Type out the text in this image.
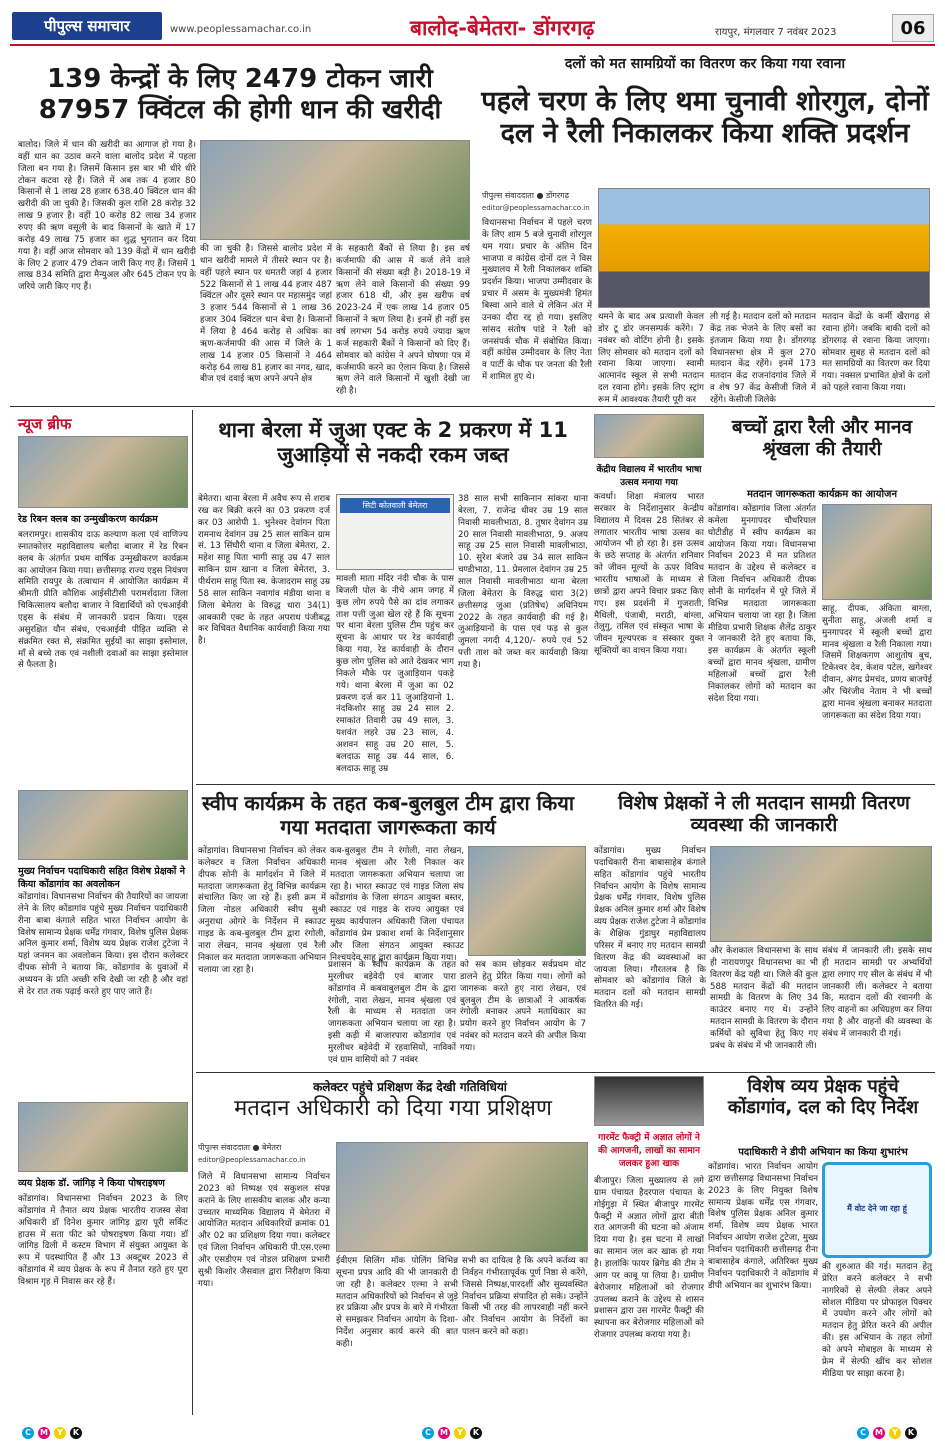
पीपुल्स समाचार	www.peoplessamachar.co.in	बालोद-बेमेतरा- डोंगरगढ़	रायपुर, मंगलवार 7 नवंबर 2023	06
139 केन्द्रों के लिए 2479 टोकन जारी 87957 क्विंटल की होगी धान की खरीदी
बालोद। जिले में धान की खरीदी का आगाज हो गया है। वहीं धान का उठाव करने वाला बालोद प्रदेश में पहला जिला बन गया है। जिसमें किसान इस बार भी धीरे धीरे टोकन कटवा रहे हैं। जिले में अब तक 4 हजार 80 किसानों से 1 लाख 28 हजार 638.40 क्विंटल धान की खरीदी की जा चुकी है। जिसकी कुल राशि 28 करोड़ 32 लाख 9 हजार है। वहीं 10 करोड़ 82 लाख 34 हजार रुपए की ऋण वसूली के बाद किसानों के खाते में 17 करोड़ 49 लाख 75 हजार का शुद्ध भुगतान कर दिया गया है। वहीं आज सोमवार को 139 केंद्रों में धान खरीदी के लिए 2 हजार 479 टोकन जारी किए गए हैं। जिसमें 1 लाख 834 समिति द्वारा मैन्युअल और 645 टोकन एप के जरिये जारी किए गए हैं।
की जा चुकी है। जिससे बालोद प्रदेश में धान खरीदी मामले में तीसरे स्थान पर है। वहीं पहले स्थान पर धमतरी जहां 4 हजार 522 किसानों से 1 लाख 44 हजार 487 क्विंटल और दूसरे स्थान पर महासमुंद जहां 3 हजार 544 किसानों से 1 लाख 36 हजार 304 क्विंटल धान बेचा है। किसानों में लिया है 464 करोड़ से अधिक का ऋण-कर्जमाफी की आस में जिले के 1 लाख 14 हजार 05 किसानों ने 464 करोड़ 64 लाख 81 हजार का नगद, खाद, बीज एवं दवाई ऋण अपने अपने क्षेत्र
के सहकारी बैंकों से लिया है। इस वर्ष कर्जमाफी की आस में कर्ज लेने वाले किसानों की संख्या बढ़ी है। 2018-19 में ऋण लेने वाले किसानों की संख्या 99 हजार 618 थी, और इस खरीफ वर्ष 2023-24 में एक लाख 14 हजार 05 किसानों ने ऋण लिया है। इनमें ही नहीं इस वर्ष लगभग 54 करोड़ रुपये ज्यादा ऋण कर्ज सहकारी बैंकों ने किसानों को दिए हैं। सोमवार को कांग्रेस ने अपने घोषणा पत्र में कर्जमाफी करने का ऐलान किया है। जिससे ऋण लेने वाले किसानों में खुशी देखी जा रही है।
दलों को मत सामग्रियों का वितरण कर किया गया रवाना
पहले चरण के लिए थमा चुनावी शोरगुल, दोनों दल ने रैली निकालकर किया शक्ति प्रदर्शन
पीपुल्स संवाददाता ● डोंगरगढ़
editor@peoplessamachar.co.in
विधानसभा निर्वाचन में पहले चरण के लिए शाम 5 बजे चुनावी शोरगुल थम गया। प्रचार के अंतिम दिन भाजपा व कांग्रेस दोनों दल ने विस मुख्यालय में रैली निकालकर शक्ति प्रदर्शन किया। भाजपा उम्मीदवार के प्रचार में असम के मुख्यमंत्री हिमंत बिस्वा आने वाले थे लेकिन अंत में उनका दौरा रद्द हो गया। इसलिए सांसद संतोष पांडे ने रैली को जनसंपर्क चौक में संबोधित किया। वहीं कांग्रेस उम्मीदवार के लिए नेता व पार्टी के चौक पर जनता की रैली में शामिल हुए थे।
थमने के बाद अब प्रत्याशी केवल डोर टू डोर जनसम्पर्क करेंगे। 7 नवंबर को वोटिंग होनी है। इसके लिए सोमवार को मतदान दलों को रवाना किया जाएगा। स्वामी आत्मानंद स्कूल से सभी मतदान दल रवाना होंगे। इसके लिए स्ट्रांग रूम में आवश्यक तैयारी पूरी कर
ली गई है। मतदान दलों को मतदान केंद्र तक भेजने के लिए बसों का इंतजाम किया गया है। डोंगरगढ़ विधानसभा क्षेत्र में कुल 270 मतदान केंद्र रहेंगे। इनमें 173 मतदान केंद्र राजनांदगांव जिले में व शेष 97 केंद्र केसीजी जिले में रहेंगे। केसीजी जिलेके
मतदान केंद्रों के कर्मी खैरागढ़ से रवाना होंगे। जबकि बाकी दलों को डोंगरगढ़ से रवाना किया जाएगा। सोमवार सुबह से मतदान दलों को मत सामग्रियों का वितरण कर दिया गया। नक्सल प्रभावित क्षेत्रों के दलों को पहले रवाना किया गया।
न्यूज ब्रीफ
रेड रिबन क्लब का उन्मुखीकरण कार्यक्रम
बलरामपुर। शासकीय दाऊ कल्याण कला एवं वाणिज्य स्नातकोत्तर महाविद्यालय बलौदा बाजार में रेड रिबन क्लब के अंतर्गत प्रथम वार्षिक उन्मुखीकरण कार्यक्रम का आयोजन किया गया। छत्तीसगढ़ राज्य एड्स नियंत्रण समिति रायपुर के तत्वाधान में आयोजित कार्यक्रम में श्रीमती प्रीति कौशिक आईसीटीसी परामर्शदाता जिला चिकित्सालय बलौदा बाजार ने विद्यार्थियों को एचआईवी एड्स के संबंध में जानकारी प्रदान किया। एड्स असुरक्षित यौन संबंध, एचआईवी पीड़ित व्यक्ति से संक्रमित रक्त से, संक्रमित सुईयों का साझा इस्तेमाल, माँ से बच्चे तक एवं नशीली दवाओं का साझा इस्तेमाल से फैलता है।
मुख्य निर्वाचन पदाधिकारी सहित विशेष प्रेक्षकों ने किया कोंडागांव का अवलोकन
कोंडागांव। विधानसभा निर्वाचन की तैयारियों का जायजा लेने के लिए कोंडागांव पहुंचे मुख्य निर्वाचन पदाधिकारी रीना बाबा कंगाले सहित भारत निर्वाचन आयोग के विशेष सामान्य प्रेक्षक धर्मेंद्र गंगवार, विशेष पुलिस प्रेक्षक अनिल कुमार शर्मा, विशेष व्यय प्रेक्षक राजेश टुटेजा ने यहां जनमन का अवलोकन किया। इस दौरान कलेक्टर दीपक सोनी ने बताया कि, कोंडागांव के युवाओं में अध्ययन के प्रति अच्छी रुचि देखी जा रही है और वहां से देर रात तक पढ़ाई करते हुए पाए जाते हैं।
व्यय प्रेक्षक डॉ. जांगिड़ ने किया पोषराइषण
कोंडागांव। विधानसभा निर्वाचन 2023 के लिए कोंडागांव में तैनात व्यय प्रेक्षक भारतीय राजस्व सेवा अधिकारी डॉ दिनेश कुमार जांगिड़ द्वारा पूरी सर्किट हाउस में सता फीट को पोषराइषण किया गया। डॉ जांगिड़ ढिली में कस्टम विभाग में संयुक्त आयुक्त के रूप में पदस्थापित हैं और 13 अक्टूबर 2023 से कोंडागांव में व्यय प्रेक्षक के रूप में तैनात रहते हुए पूरा विश्राम गृह में निवास कर रहे हैं।
थाना बेरला में जुआ एक्ट के 2 प्रकरण में 11 जुआड़ियों से नकदी रकम जब्त
बेमेतरा। थाना बेरला में अवैध रूप से शराब रख कर बिक्री करने का 03 प्रकरण दर्ज कर 03 आरोपी 1. भुनेश्वर देवांगन पिता रामनाथ देवांगन उम्र 25 साल साकिन ग्राम सं. 13 सिंघौरी थाना व जिला बेमेतरा, 2. महेश साहू पिता भागी साहू उम्र 47 साल साकिन ग्राम खाना व जिला बेमेतरा, 3. पीर्थराम साहू पिता स्व. केजादराम साहू उम्र 58 साल साकिन नवागांव मंडीया थाना व जिला बेमेतरा के विरुद्ध धारा 34(1) आबकारी एक्ट के तहत अपराध पंजीबद्ध कर विधिवत वैधानिक कार्यवाही किया गया है।
सिटी कोतवाली बेमेतरा
मावली माता मंदिर नंदी चौक के पास बिजली पोल के नीचे आम जगह में कुछ लोग रुपये पैसे का दांव लगाकर ताश पत्ती जुआ खेल रहे हैं कि सूचना पर थाना बेरला पुलिस टीम पहुंच कर सूचना के आधार पर रेड कार्यवाही किया गया, रेड कार्यवाही के दौरान कुछ लोग पुलिस को आते देखकर भाग निकले मौके पर जुआड़ियान पकड़े गये। थाना बेरला में जुआ का 02 प्रकरण दर्ज कर 11 जुआड़ियानो 1. नंदकिशोर साहू उम्र 24 साल 2. रमाकांत तिवारी उम्र 49 साल, 3. यशवंत लहरे उम्र 23 साल, 4. अशवन साहू उम्र 20 साल, 5. बलदाऊ साहू उम्र 44 साल, 6. बलदाऊ साहू उम्र
38 साल सभी साकिनान सांकरा थाना बेरला, 7. राजेन्द्र धीवर उम्र 19 साल निवासी मावलीभाठा, 8. तुषार देवांगन उम्र 20 साल निवासी मावलीभाठा, 9. अजय साहू उम्र 25 साल निवासी मावलीभाठा, 10. सुरेश बंजारे उम्र 34 साल साकिन चण्डीभाठा, 11. प्रेमलाल देवांगन उम्र 25 साल निवासी मावलीभाठा थाना बेरला जिला बेमेतरा के विरुद्ध धारा 3(2) छत्तीसगढ़ जुआ (प्रतिषेध) अधिनियम 2022 के तहत कार्यवाही की गई है। जुआड़ियानों के पास एवं फड़ से कुल जुमला नगदी 4,120/- रुपये एवं 52 पत्ती ताश को जब्त कर कार्यवाही किया गया है।
केंद्रीय विद्यालय में भारतीय भाषा उत्सव मनाया गया
कवर्धा। शिक्षा मंत्रालय भारत सरकार के निर्देशानुसार केन्द्रीय विद्यालय में दिवस 28 सितंबर से लगातार भारतीय भाषा उत्सव का आयोजन भी हो रहा है। इस उत्सव के छठे सप्ताह के अंतर्गत शनिवार को जीवन मूल्यों के ऊपर विविध भारतीय भाषाओं के माध्यम से छात्रों द्वारा अपने विचार प्रकट किए गए। इस प्रदर्शनी में गुजराती, मैथिली, पंजाबी, मराठी, बांग्ला, तेलुगु, तमिल एवं संस्कृत भाषा के जीवन मूल्यपरक व संस्कार युक्त सूक्तियों का वाचन किया गया।
बच्चों द्वारा रैली और मानव श्रृंखला की तैयारी
मतदान जागरूकता कार्यक्रम का आयोजन
कोंडागांव। कोंडागांव जिला अंतर्गत कमेला मुनगापदर चौधरियाल घोटीडीह में स्वीप कार्यक्रम का आयोजन किया गया। विधानसभा निर्वाचन 2023 में मत प्रतिशत मतदान के उद्देश्य से कलेक्टर व जिला निर्वाचन अधिकारी दीपक सोनी के मार्गदर्शन में पूरे जिले में विभिन्न मतदाता जागरूकता अभियान चलाया जा रहा है। जिला मीडिया प्रभारी शिक्षक शैलेंद्र ठाकुर ने जानकारी देते हुए बताया कि, इस कार्यक्रम के अंतर्गत स्कूली बच्चों द्वारा मानव श्रृंखला, ग्रामीण महिलाओं बच्चों द्वारा रैली निकालकर लोगों को मतदान का संदेश दिया गया।
साहू, दीपक, अंकिता बाग्ला, सुनीता साहू, अंजली शर्मा व मुनगापदर में स्कूली बच्चों द्वारा मानव श्रृंखला व रैली निकाला गया। जिसमें शिक्षकगण आशुतोष बुच, टिकेश्वर देव, केशव पटेल, खगेश्वर दीवान, अंगद प्रेमचंद, प्रणय बाजपेई और चिरंजीव नेताम ने भी बच्चों द्वारा मानव श्रृंखला बनाकर मतदाता जागरूकता का संदेश दिया गया।
स्वीप कार्यक्रम के तहत कब-बुलबुल टीम द्वारा किया गया मतदाता जागरूकता कार्य
कोंडागांव। विधानसभा निर्वाचन को लेकर कलेक्टर व जिला निर्वाचन अधिकारी दीपक सोनी के मार्गदर्शन में जिले में मतदाता जागरूकता हेतु विभिन्न कार्यक्रम संचालित किए जा रहे हैं। इसी क्रम में जिला नोडल अधिकारी स्वीप सुश्री अनुराधा ओगरे के निर्देशन में स्काउट गाइड के कब-बुलबुल टीम द्वारा रंगोली, नारा लेखन, मानव श्रृंखला एवं रैली निकाल कर मतदाता जागरूकता अभियान चलाया जा रहा है।
कब-बुलबुल टीम ने रंगोली, नारा लेखन, मानव श्रृंखला और रैली निकाल कर मतदाता जागरूकता अभियान चलाया जा रहा है। भारत स्काउट एवं गाइड जिला संघ कोंडागांव के जिला संगठन आयुक्त बस्तर, स्काउट एवं गाइड के राज्य आयुक्त एवं मुख्य कार्यपालन अधिकारी जिला पंचायत कोंडागांव प्रेम प्रकाश शर्मा के निर्देशानुसार और जिला संगठन आयुक्त स्काउट निश्चयदेव साहू द्वारा कार्यक्रम किया गया।
प्रशासन के स्वीप कार्यक्रम के तहत मुरलीधर बड़ेवेदी एवं बाजार पारा कोंडागांव में कबवाबुलबुल टीम के द्वारा रंगोली, नारा लेखन, मानव श्रृंखला एवं रैली के माध्यम से मतदाता जन जागरूकता अभियान चलाया जा रहा है। इसी कड़ी में बाजारपारा कोंडागांव एवं मुरलीधर बड़ेवेदी में रहवासियों, नाविकों एवं ग्राम वासियों को 7 नवंबर
को सब काम छोड़कर सर्वप्रथम वोट डालने हेतु प्रेरित किया गया। लोगों को जागरूक करते हुए नारा लेखन, एवं बुलबुल टीम के छात्राओं ने आकर्षक रंगोली बनाकर अपने मताधिकार का प्रयोग करने हुए निर्वाचन आयोग के 7 नवंबर को मतदान करने की अपील किया गया।
विशेष प्रेक्षकों ने ली मतदान सामग्री वितरण व्यवस्था की जानकारी
कोंडागांव। मुख्य निर्वाचन पदाधिकारी रीना बाबासाहेब कंगाले सहित कोंडागांव पहुंचे भारतीय निर्वाचन आयोग के विशेष सामान्य प्रेक्षक धर्मेंद्र गंगवार, विशेष पुलिस प्रेक्षक अनिल कुमार शर्मा और विशेष व्यय प्रेक्षक राजेश टुटेजा ने कोंडागांव के शैक्षिक गुंडाघुर महाविद्यालय परिसर में बनाए गए मतदान सामग्री वितरण केंद्र की व्यवस्थाओं का जायजा लिया। गौरतलब है कि सोमवार को कोंडागांव जिले के मतदान दलों को मतदान सामग्री वितरित की गई।
और केशकाल विधानसभा के साथ ही नारायणपुर विधानसभा का भी वितरण केंद्र यही था। जिले की कुल 588 मतदान केंद्रों की मतदान सामग्री के वितरण के लिए 34 काउंटर बनाए गए थे। उन्होंने मतदान सामग्री के वितरण के दौरान कर्मियों को सुविधा हेतु किए गए प्रबंध के संबंध में भी जानकारी ली।
संबंध में जानकारी ली। इसके साथ ही मतदान सामग्री पर अभ्यर्थियों द्वारा लगाए गए सील के संबंध में भी जानकारी ली। कलेक्टर ने बताया कि, मतदान दलों की रवानगी के लिए वाहनों का अधिग्रहण कर लिया गया है और वाहनों की व्यवस्था के संबंध में जानकारी दी गई।
कलेक्टर पहुंचे प्रशिक्षण केंद्र देखी गतिविधियां
मतदान अधिकारी को दिया गया प्रशिक्षण
पीपुल्स संवाददाता ● बेमेतरा
editor@peoplessamachar.co.in
जिले में विधानसभा सामान्य निर्वाचन 2023 को निष्पक्ष एवं सकुशल संपन्न कराने के लिए शासकीय बालक और कन्या उच्चतर माध्यमिक विद्यालय में बेमेतरा में आयोजित मतदान अधिकारियों क्रमांक 01 और 02 का प्रशिक्षण दिया गया। कलेक्टर एवं जिला निर्वाचन अधिकारी पी.एस.एल्मा और एसडीएम एवं नोडल प्रशिक्षण प्रभारी सुश्री किशोर जैसवाल द्वारा निरीक्षण किया गया।
ईवीएम सिलिंग मॉक पोलिंग विभिन्न सूचना प्रपत्र आदि की भी जानकारी दी जा रही है। कलेक्टर एल्मा ने सभी मतदान अधिकारियों को निर्वाचन से जुड़े हर प्रक्रिया और प्रपत्र के बारे में गंभीरता से समझकर निर्वाचन आयोग के दिशा-निर्देश अनुसार कार्य करने की बात कही।
सभी का दायित्व है कि अपने कर्तव्य का निर्वहन गंभीरतापूर्वक पूर्ण निष्ठा से करेंगे, जिससे निष्पक्ष,पारदर्शी और सुव्यवस्थित निर्वाचन प्रक्रिया संपादित हो सके। उन्होंने किसी भी तरह की लापरवाही नहीं करने और निर्वाचन आयोग के निर्देशों का पालन करने को कहा।
गारमेंट फैक्ट्री में अज्ञात लोगों ने की आगजनी, लाखों का सामान जलकर हुआ खाक
बीजापुर। जिला मुख्यालय से लगे ग्राम पंचायत हैदरपाल पंचायत के गोईगुड़ा में स्थित बीजापुर गारमेंट फैक्ट्री में अज्ञात लोगों द्वारा बीती रात आगजनी की घटना को अंजाम दिया गया है। इस घटना में लाखों का सामान जल कर खाक हो गया है। हालांकि फायर ब्रिगेड की टीम ने आग पर काबू पा लिया है। ग्रामीण बेरोजगार महिलाओं को रोजगार उपलब्ध कराने के उद्देश्य से शासन प्रशासन द्वारा उस गारमेंट फैक्ट्री की स्थापना कर बेरोजगार महिलाओं को रोजगार उपलब्ध कराया गया है।
विशेष व्यय प्रेक्षक पहुंचे कोंडागांव, दल को दिए निर्देश
पदाधिकारी ने डीपी अभियान का किया शुभारंभ
कोंडागांव। भारत निर्वाचन आयोग द्वारा छत्तीसगढ़ विधानसभा निर्वाचन 2023 के लिए नियुक्त विशेष सामान्य प्रेक्षक धर्मेंद्र एस गंगवार, विशेष पुलिस प्रेक्षक अनिल कुमार शर्मा, विशेष व्यय प्रेक्षक भारत निर्वाचन आयोग राजेश टुटेजा, मुख्य निर्वाचन पदाधिकारी छत्तीसगढ़ रीना बाबासाहेब कंगाले, अतिरिक्त मुख्य निर्वाचन पदाधिकारी ने कोंडागांव में डीपी अभियान का शुभारंभ किया।
मैं वोट देने जा रहा हूं
की शुरुआत की गई। मतदान हेतु प्रेरित करने कलेक्टर ने सभी नागरिकों से सेल्फी लेकर अपने सोशल मीडिया पर प्रोफाइल पिक्चर में उपयोग करने और लोगों को मतदान हेतु प्रेरित करने की अपील की। इस अभियान के तहत लोगों को अपने मोबाइल के माध्यम से फ्रेम में सेल्फी खींच कर सोशल मीडिया पर साझा करना है।
C M Y K	C M Y K	C M Y K
